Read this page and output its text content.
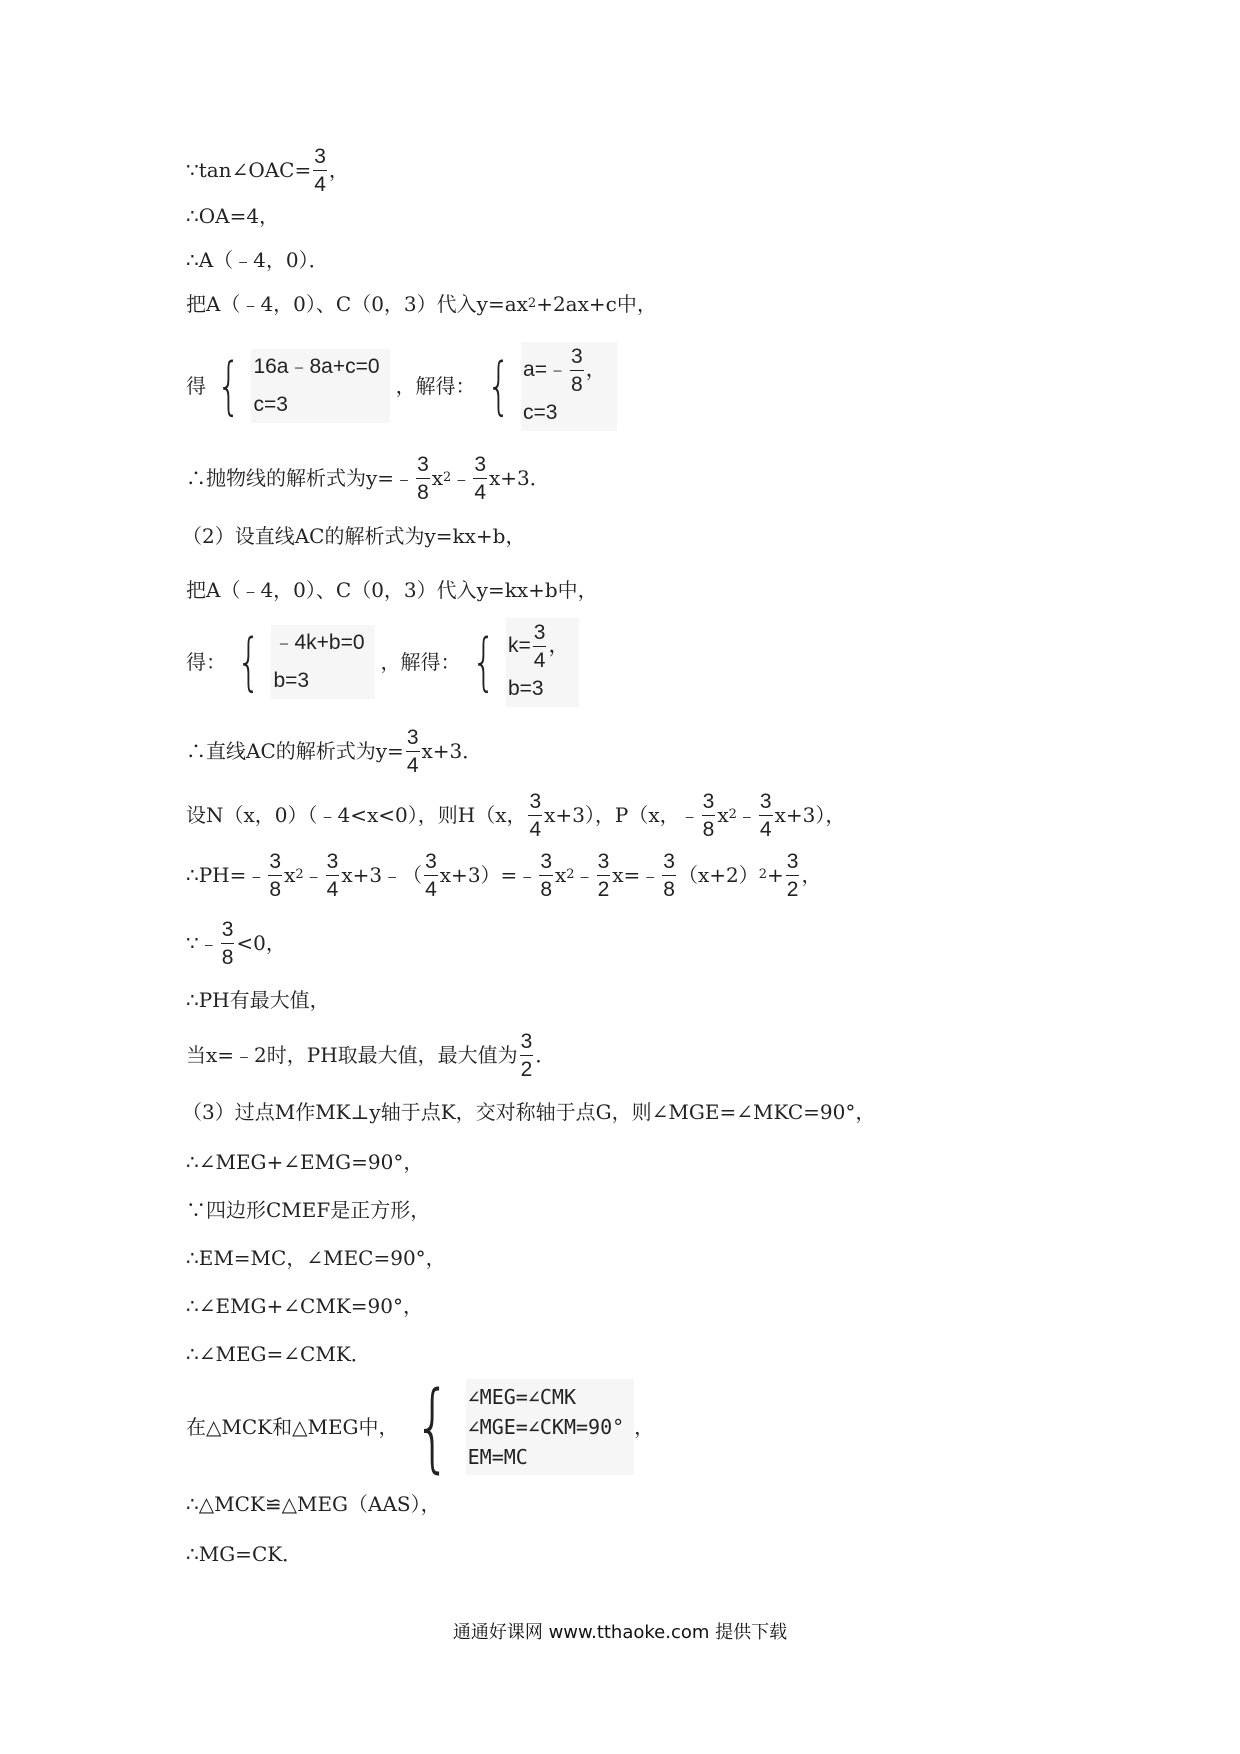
∵tan∠OAC= $\frac{3}{4}$ ，
∴OA=4，
∴A（﹣4，0）．
把A（﹣4，0）、C（0，3）代入y=ax 2 +2ax+c中，
得 { 16a﹣8a+c=0
c=3
，解得： { a=﹣ $\frac{3}{8}$ ，
c=3
∴抛物线的解析式为y=﹣ $\frac{3}{8}$ x 2 ﹣ $\frac{3}{4} x+3$．
（2）设直线AC的解析式为y=kx+b，
把A（﹣4，0）、C（0，3）代入y=kx+b中，
得： { ﹣4k+b=0
b=3
，解得： { $k= \frac{3}{4}$ ，
b=3
∴直线AC的解析式为$y= \frac{3}{4} x+3$．
设N（x，0）（﹣4<x<0），则H（x， $\frac{3}{4} x+3$），P（x，﹣ $\frac{3}{8}$ x 2 ﹣ $\frac{3}{4} x+3$），
∴PH=﹣ $\frac{3}{8}$ x 2 ﹣ $\frac{3}{4}$ x+3﹣（ $\frac{3}{4}$ x+3）=﹣ $\frac{3}{8}$ x 2 ﹣ $\frac{3}{2}$ x=﹣ $\frac{3}{8} (x+2) 2 + \frac{3}{2}$ ，
∵﹣ $\frac{3}{8} <0$，
∴PH有最大值，
当x=﹣2时，PH取最大值，最大值为 $\frac{3}{2}$ ．
（3）过点M作MK⊥y轴于点K，交对称轴于点G，则∠MGE=∠MKC=90°，
∴∠MEG+∠EMG=90°，
∵四边形CMEF是正方形，
∴EM=MC，∠MEC=90°，
∴∠EMG+∠CMK=90°，
∴∠MEG=∠CMK．
在△MCK和△MEG中， { ∠MEG=∠CMK
∠MGE=∠CKM=90°
EM=MC
，
∴△MCK≌△MEG（AAS），
∴MG=CK．
通通好课网 www.tthaoke.com 提供下载
